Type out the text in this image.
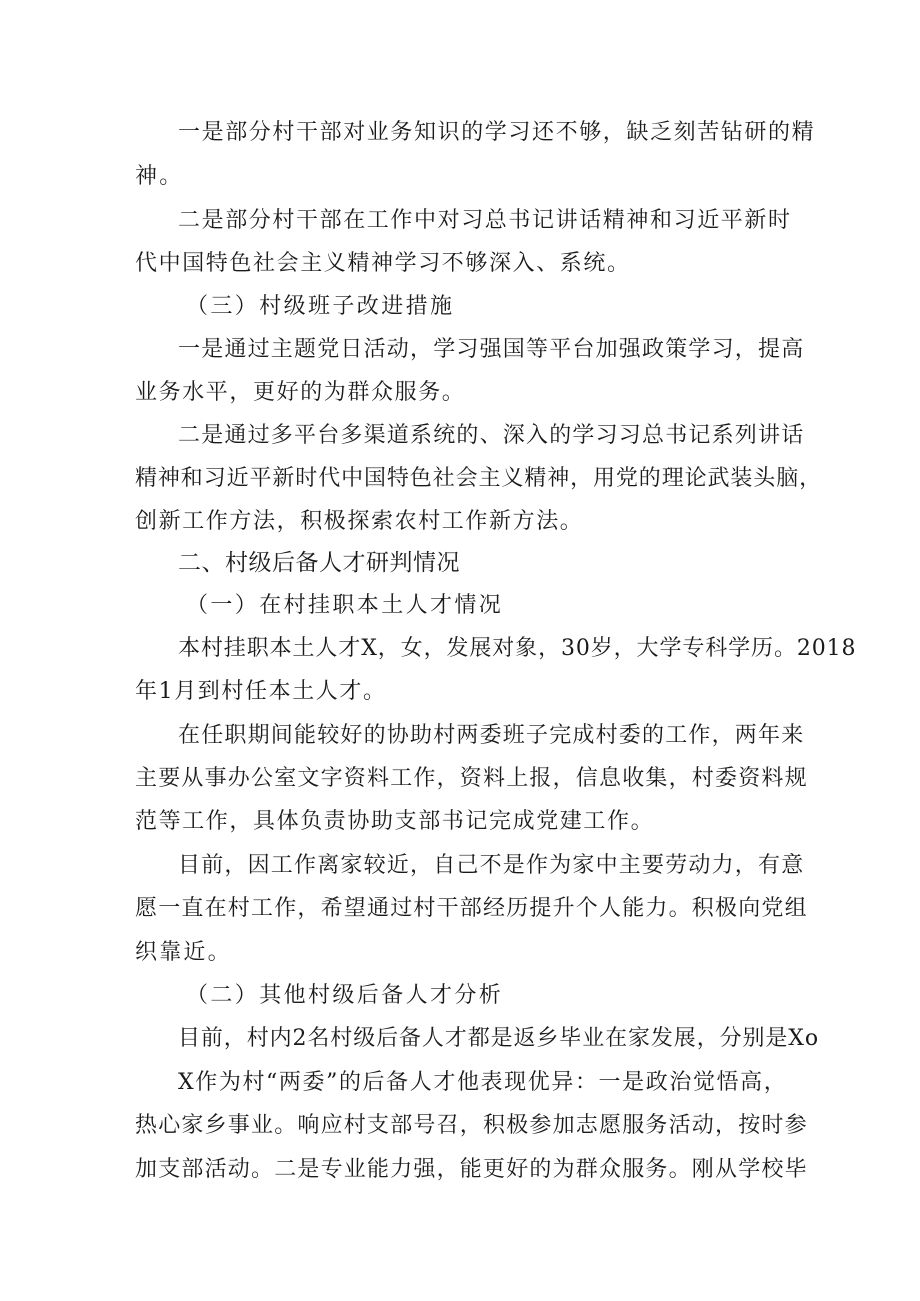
一是部分村干部对业务知识的学习还不够，缺乏刻苦钻研的精
神。
二是部分村干部在工作中对习总书记讲话精神和习近平新时
代中国特色社会主义精神学习不够深入、系统。
（三）村级班子改进措施
一是通过主题党日活动，学习强国等平台加强政策学习，提高
业务水平，更好的为群众服务。
二是通过多平台多渠道系统的、深入的学习习总书记系列讲话
精神和习近平新时代中国特色社会主义精神，用党的理论武装头脑，
创新工作方法，积极探索农村工作新方法。
二、村级后备人才研判情况
（一）在村挂职本土人才情况
本村挂职本土人才X，女，发展对象，30岁，大学专科学历。2018
年1月到村任本土人才。
在任职期间能较好的协助村两委班子完成村委的工作，两年来
主要从事办公室文字资料工作，资料上报，信息收集，村委资料规
范等工作，具体负责协助支部书记完成党建工作。
目前，因工作离家较近，自己不是作为家中主要劳动力，有意
愿一直在村工作，希望通过村干部经历提升个人能力。积极向党组
织靠近。
（二）其他村级后备人才分析
目前，村内2名村级后备人才都是返乡毕业在家发展，分别是Xo
X作为村“两委”的后备人才他表现优异：一是政治觉悟高，
热心家乡事业。响应村支部号召，积极参加志愿服务活动，按时参
加支部活动。二是专业能力强，能更好的为群众服务。刚从学校毕
